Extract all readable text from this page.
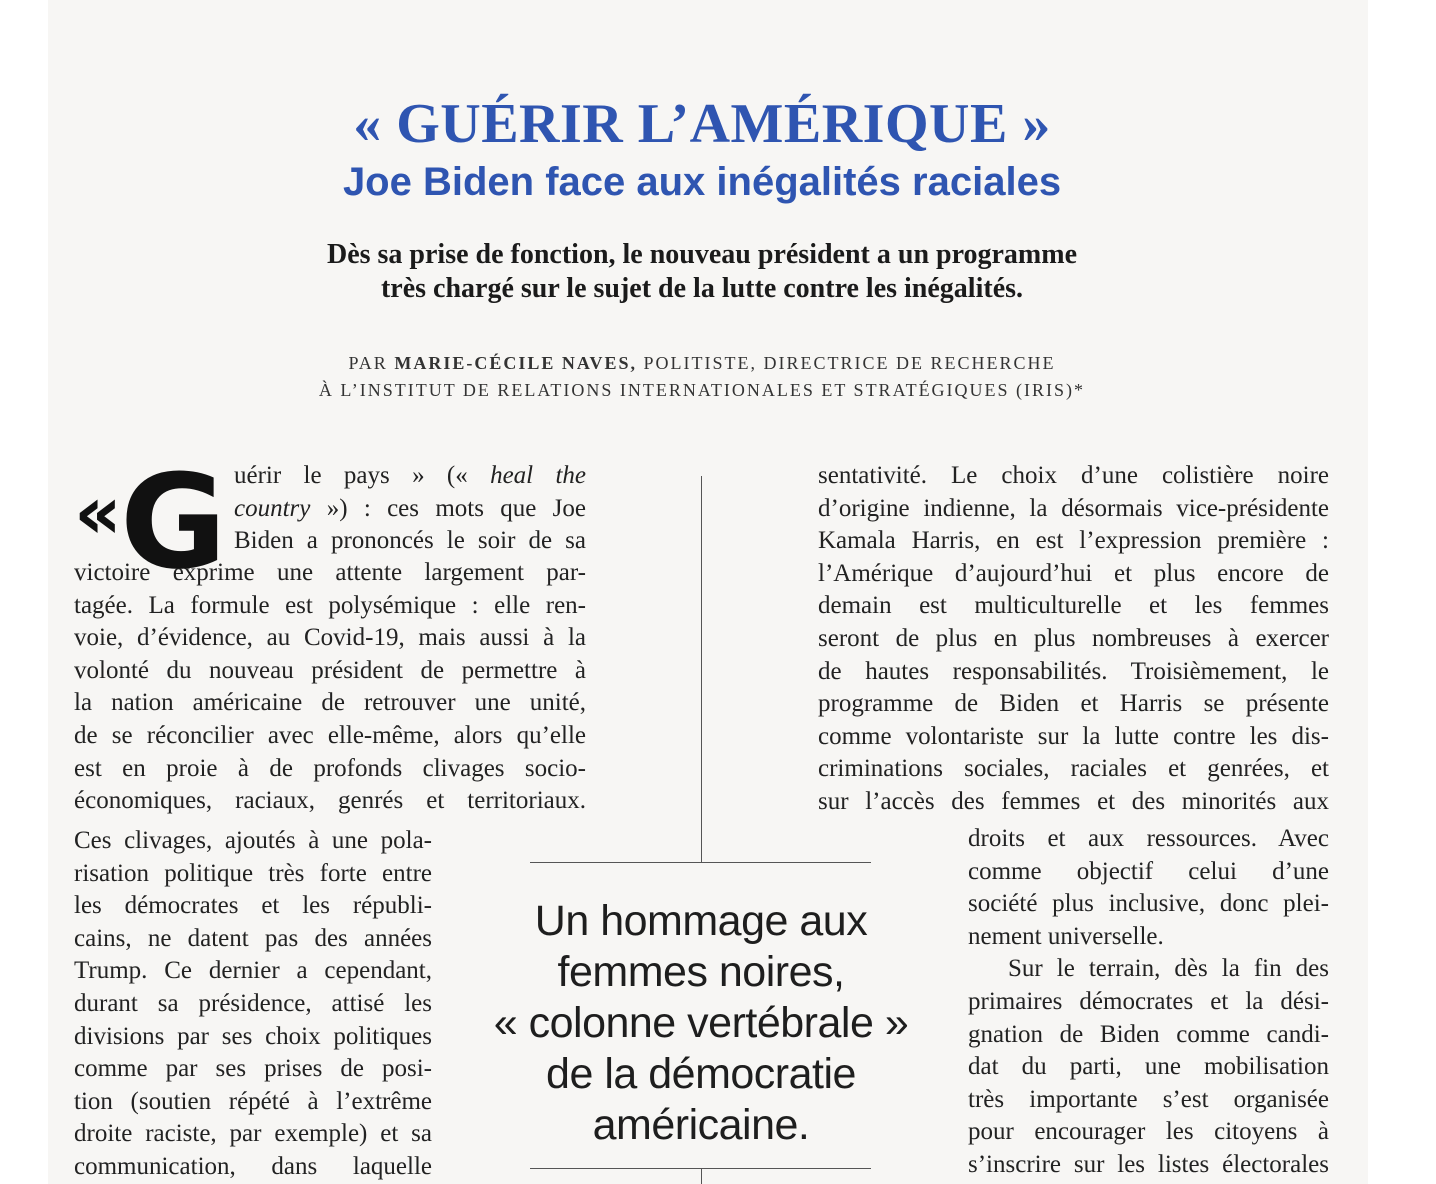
« GUÉRIR L’AMÉRIQUE »
Joe Biden face aux inégalités raciales
Dès sa prise de fonction, le nouveau président a un programme
très chargé sur le sujet de la lutte contre les inégalités.
PAR MARIE-CÉCILE NAVES, POLITISTE, DIRECTRICE DE RECHERCHE
À L’INSTITUT DE RELATIONS INTERNATIONALES ET STRATÉGIQUES (IRIS)*
«
G uérir le pays » (« heal the
country ») : ces mots que Joe
Biden a prononcés le soir de sa
victoire exprime une attente largement par-
tagée. La formule est polysémique : elle ren-
voie, d’évidence, au Covid-19, mais aussi à la
volonté du nouveau président de permettre à
la nation américaine de retrouver une unité,
de se réconcilier avec elle-même, alors qu’elle
est en proie à de profonds clivages socio-
économiques, raciaux, genrés et territoriaux.
Ces clivages, ajoutés à une pola-
risation politique très forte entre
les démocrates et les républi-
cains, ne datent pas des années
Trump. Ce dernier a cependant,
durant sa présidence, attisé les
divisions par ses choix politiques
comme par ses prises de posi-
tion (soutien répété à l’extrême
droite raciste, par exemple) et sa
communication, dans laquelle
sentativité. Le choix d’une colistière noire
d’origine indienne, la désormais vice-présidente
Kamala Harris, en est l’expression première :
l’Amérique d’aujourd’hui et plus encore de
demain est multiculturelle et les femmes
seront de plus en plus nombreuses à exercer
de hautes responsabilités. Troisièmement, le
programme de Biden et Harris se présente
comme volontariste sur la lutte contre les dis-
criminations sociales, raciales et genrées, et
sur l’accès des femmes et des minorités aux
droits et aux ressources. Avec
comme objectif celui d’une
société plus inclusive, donc plei-
nement universelle.
Sur le terrain, dès la fin des
primaires démocrates et la dési-
gnation de Biden comme candi-
dat du parti, une mobilisation
très importante s’est organisée
pour encourager les citoyens à
s’inscrire sur les listes électorales
Un hommage aux
femmes noires,
« colonne vertébrale »
de la démocratie
américaine.
